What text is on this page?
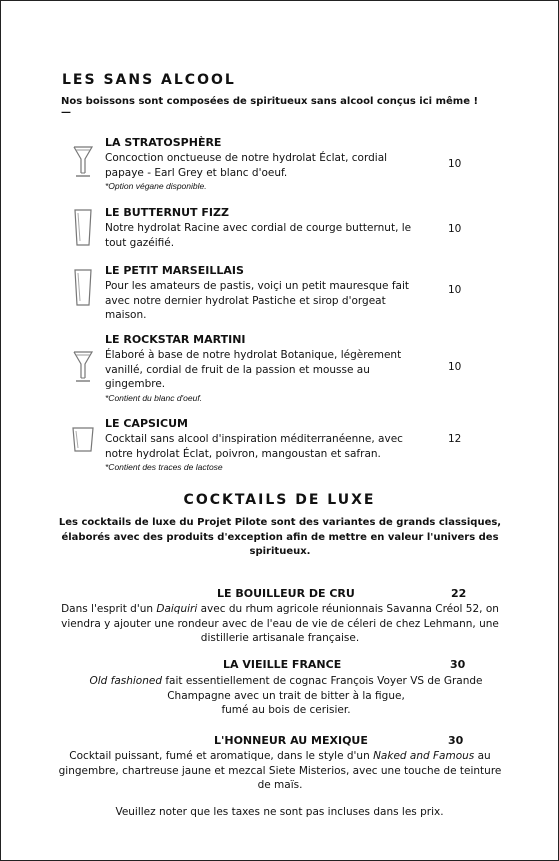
LES SANS ALCOOL
Nos boissons sont composées de spiritueux sans alcool conçus ici même !
—
LA STRATOSPHÈRE
Concoction onctueuse de notre hydrolat Éclat, cordial papaye - Earl Grey et blanc d'oeuf.
*Option végane disponible.
10
LE BUTTERNUT FIZZ
Notre hydrolat Racine avec cordial de courge butternut, le tout gazéifié.
10
LE PETIT MARSEILLAIS
Pour les amateurs de pastis, voiçi un petit mauresque fait avec notre dernier hydrolat Pastiche et sirop d'orgeat maison.
10
LE ROCKSTAR MARTINI
Élaboré à base de notre hydrolat Botanique, légèrement vanillé, cordial de fruit de la passion et mousse au gingembre.
*Contient du blanc d'oeuf.
10
LE CAPSICUM
Cocktail sans alcool d'inspiration méditerranéenne, avec notre hydrolat Éclat, poivron, mangoustan et safran.
*Contient des traces de lactose
12
COCKTAILS DE LUXE
Les cocktails de luxe du Projet Pilote sont des variantes de grands classiques, élaborés avec des produits d'exception afin de mettre en valeur l'univers des spiritueux.
LE BOUILLEUR DE CRU	22
Dans l'esprit d'un Daiquiri avec du rhum agricole réunionnais Savanna Créol 52, on viendra y ajouter une rondeur avec de l'eau de vie de céleri de chez Lehmann, une distillerie artisanale française.
LA VIEILLE FRANCE	30
Old fashioned fait essentiellement de cognac François Voyer VS de Grande Champagne avec un trait de bitter à la figue,
fumé au bois de cerisier.
L'HONNEUR AU MEXIQUE	30
Cocktail puissant, fumé et aromatique, dans le style d'un Naked and Famous au gingembre, chartreuse jaune et mezcal Siete Misterios, avec une touche de teinture de maïs.
Veuillez noter que les taxes ne sont pas incluses dans les prix.
